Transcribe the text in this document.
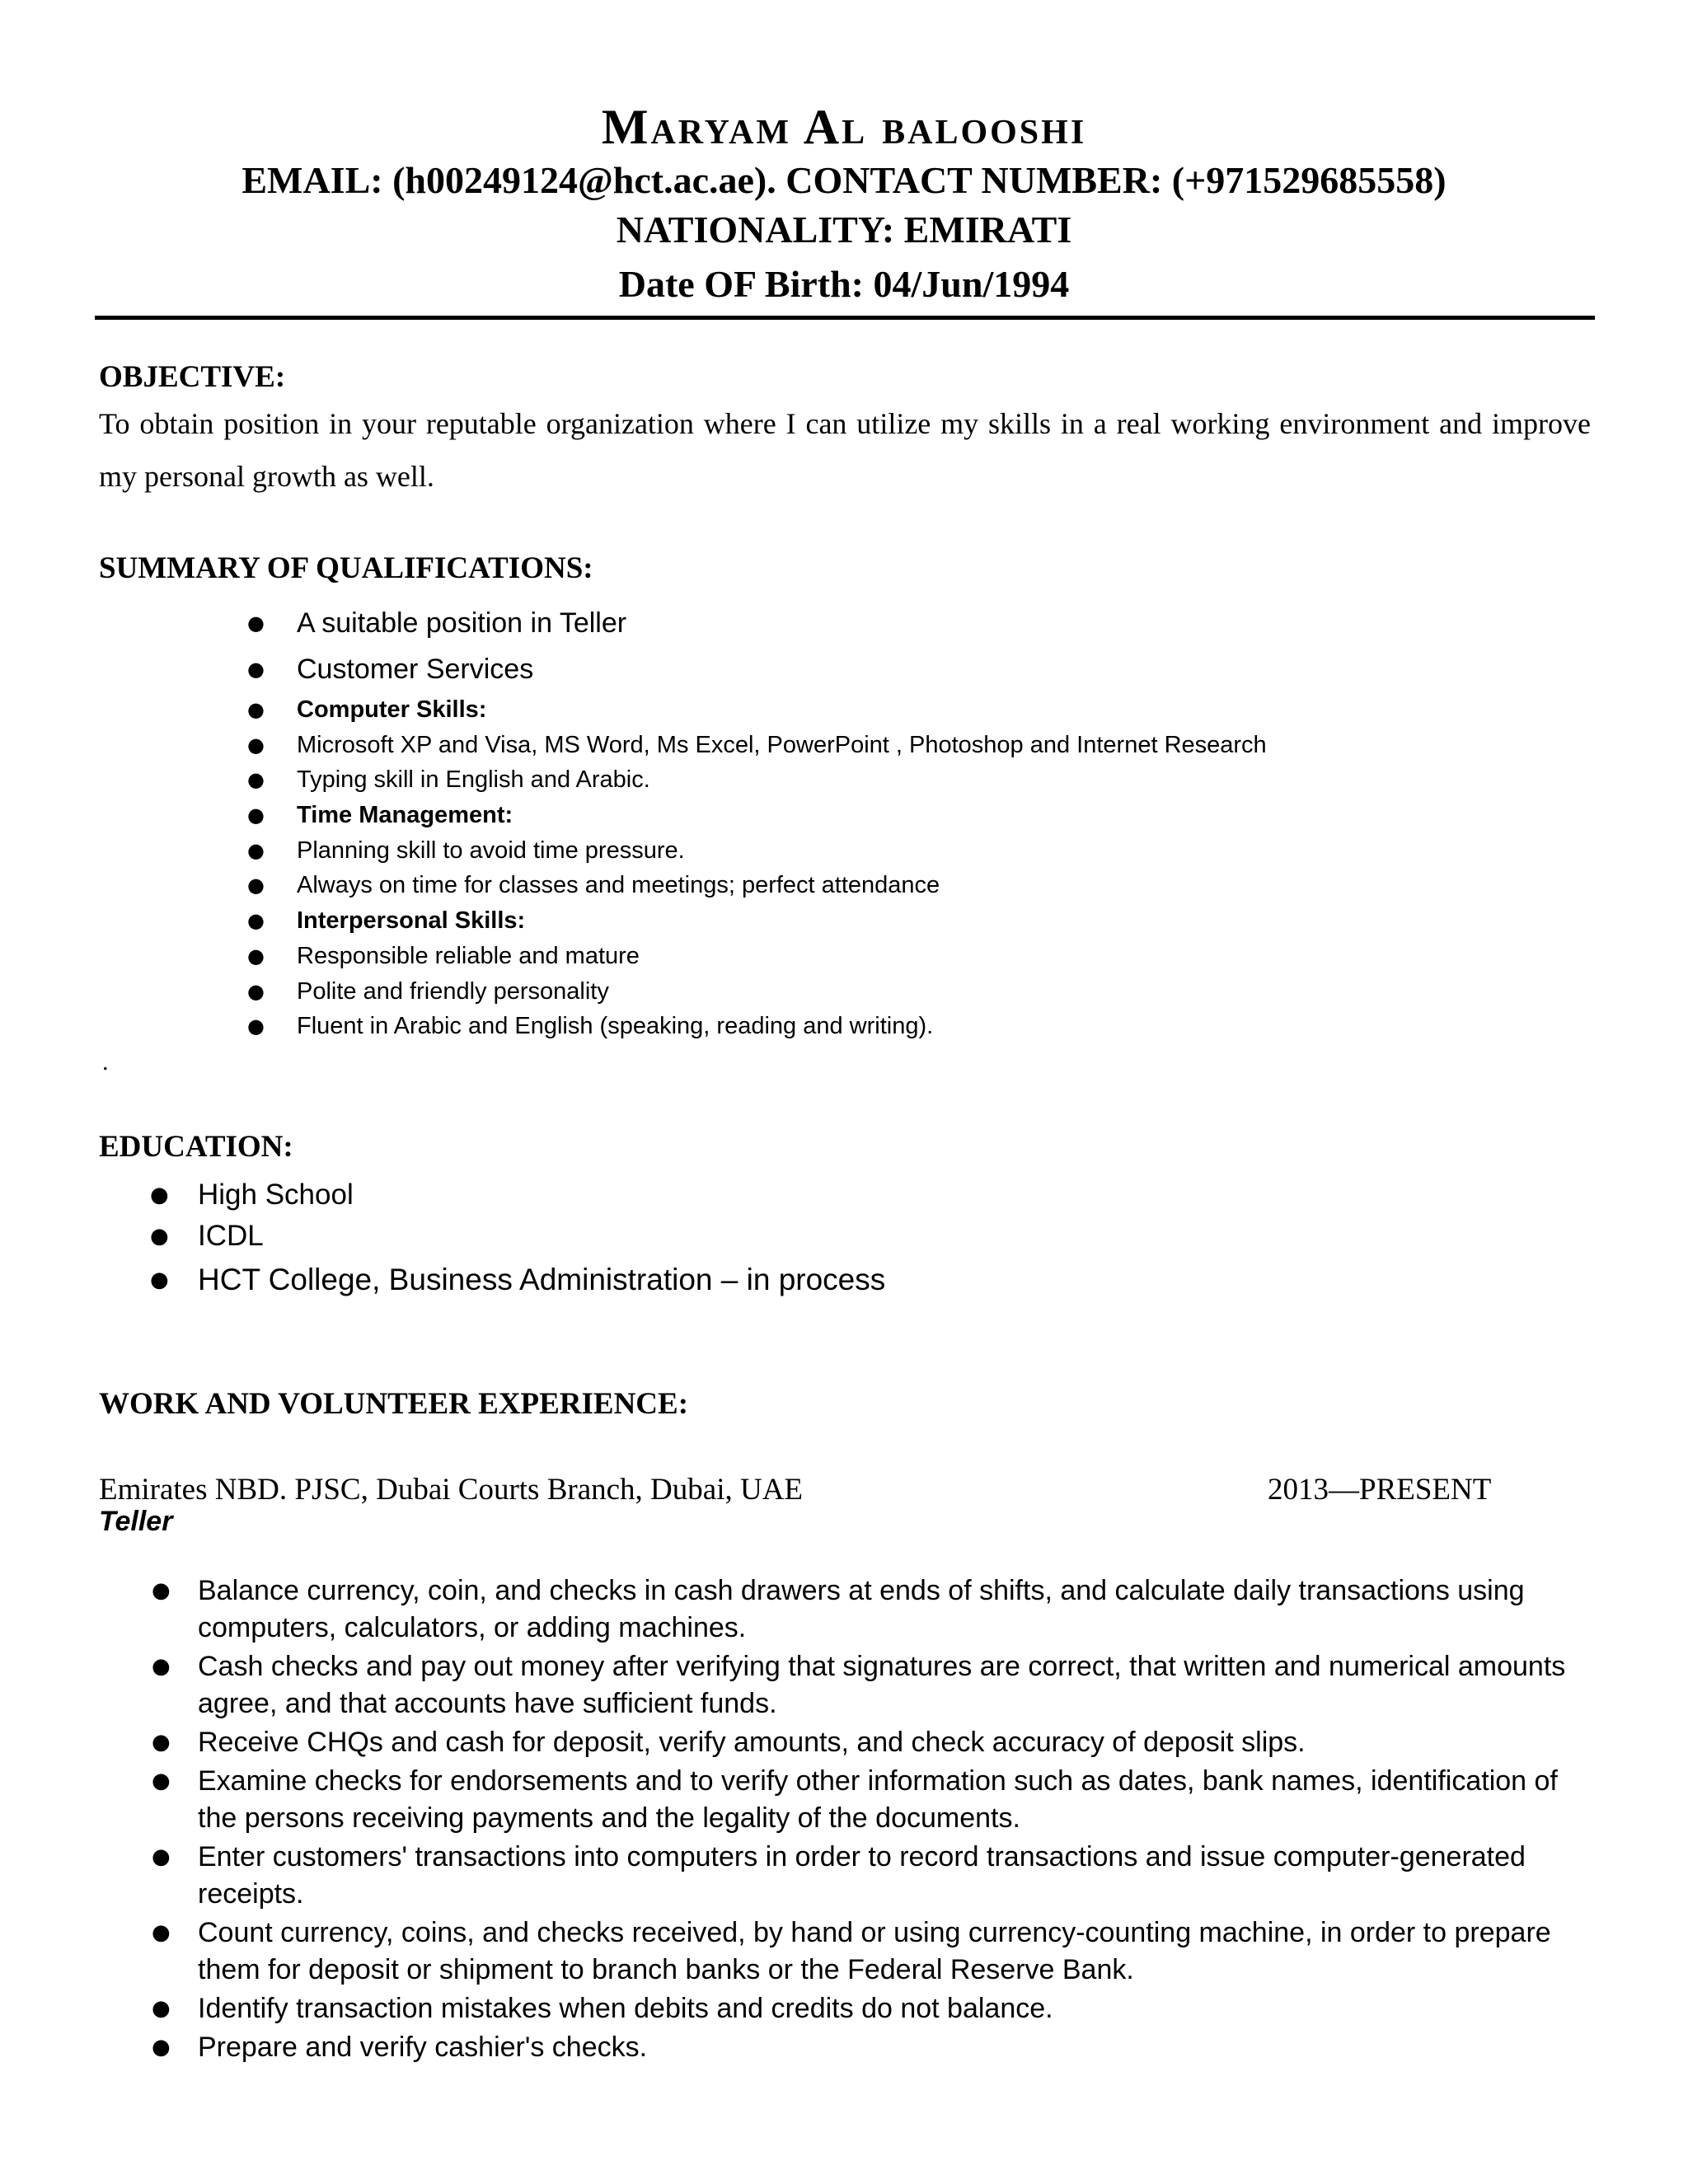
Maryam Al balooshi
EMAIL: (h00249124@hct.ac.ae). CONTACT NUMBER: (+971529685558)
NATIONALITY: EMIRATI
Date OF Birth: 04/Jun/1994
OBJECTIVE:
To obtain position in your reputable organization where I can utilize my skills in a real working environment and improve my personal growth as well.
SUMMARY OF QUALIFICATIONS:
● A suitable position in Teller
● Customer Services
● Computer Skills:
● Microsoft XP and Visa, MS Word, Ms Excel, PowerPoint , Photoshop and Internet Research
● Typing skill in English and Arabic.
● Time Management:
● Planning skill to avoid time pressure.
● Always on time for classes and meetings; perfect attendance
● Interpersonal Skills:
● Responsible reliable and mature
● Polite and friendly personality
● Fluent in Arabic and English (speaking, reading and writing).
.
EDUCATION:
● High School
● ICDL
● HCT College, Business Administration – in process
WORK AND VOLUNTEER EXPERIENCE:
Emirates NBD. PJSC, Dubai Courts Branch, Dubai, UAE	2013—PRESENT
Teller
● Balance currency, coin, and checks in cash drawers at ends of shifts, and calculate daily transactions using computers, calculators, or adding machines.
● Cash checks and pay out money after verifying that signatures are correct, that written and numerical amounts agree, and that accounts have sufficient funds.
● Receive CHQs and cash for deposit, verify amounts, and check accuracy of deposit slips.
● Examine checks for endorsements and to verify other information such as dates, bank names, identification of the persons receiving payments and the legality of the documents.
● Enter customers' transactions into computers in order to record transactions and issue computer-generated receipts.
● Count currency, coins, and checks received, by hand or using currency-counting machine, in order to prepare them for deposit or shipment to branch banks or the Federal Reserve Bank.
● Identify transaction mistakes when debits and credits do not balance.
● Prepare and verify cashier's checks.
